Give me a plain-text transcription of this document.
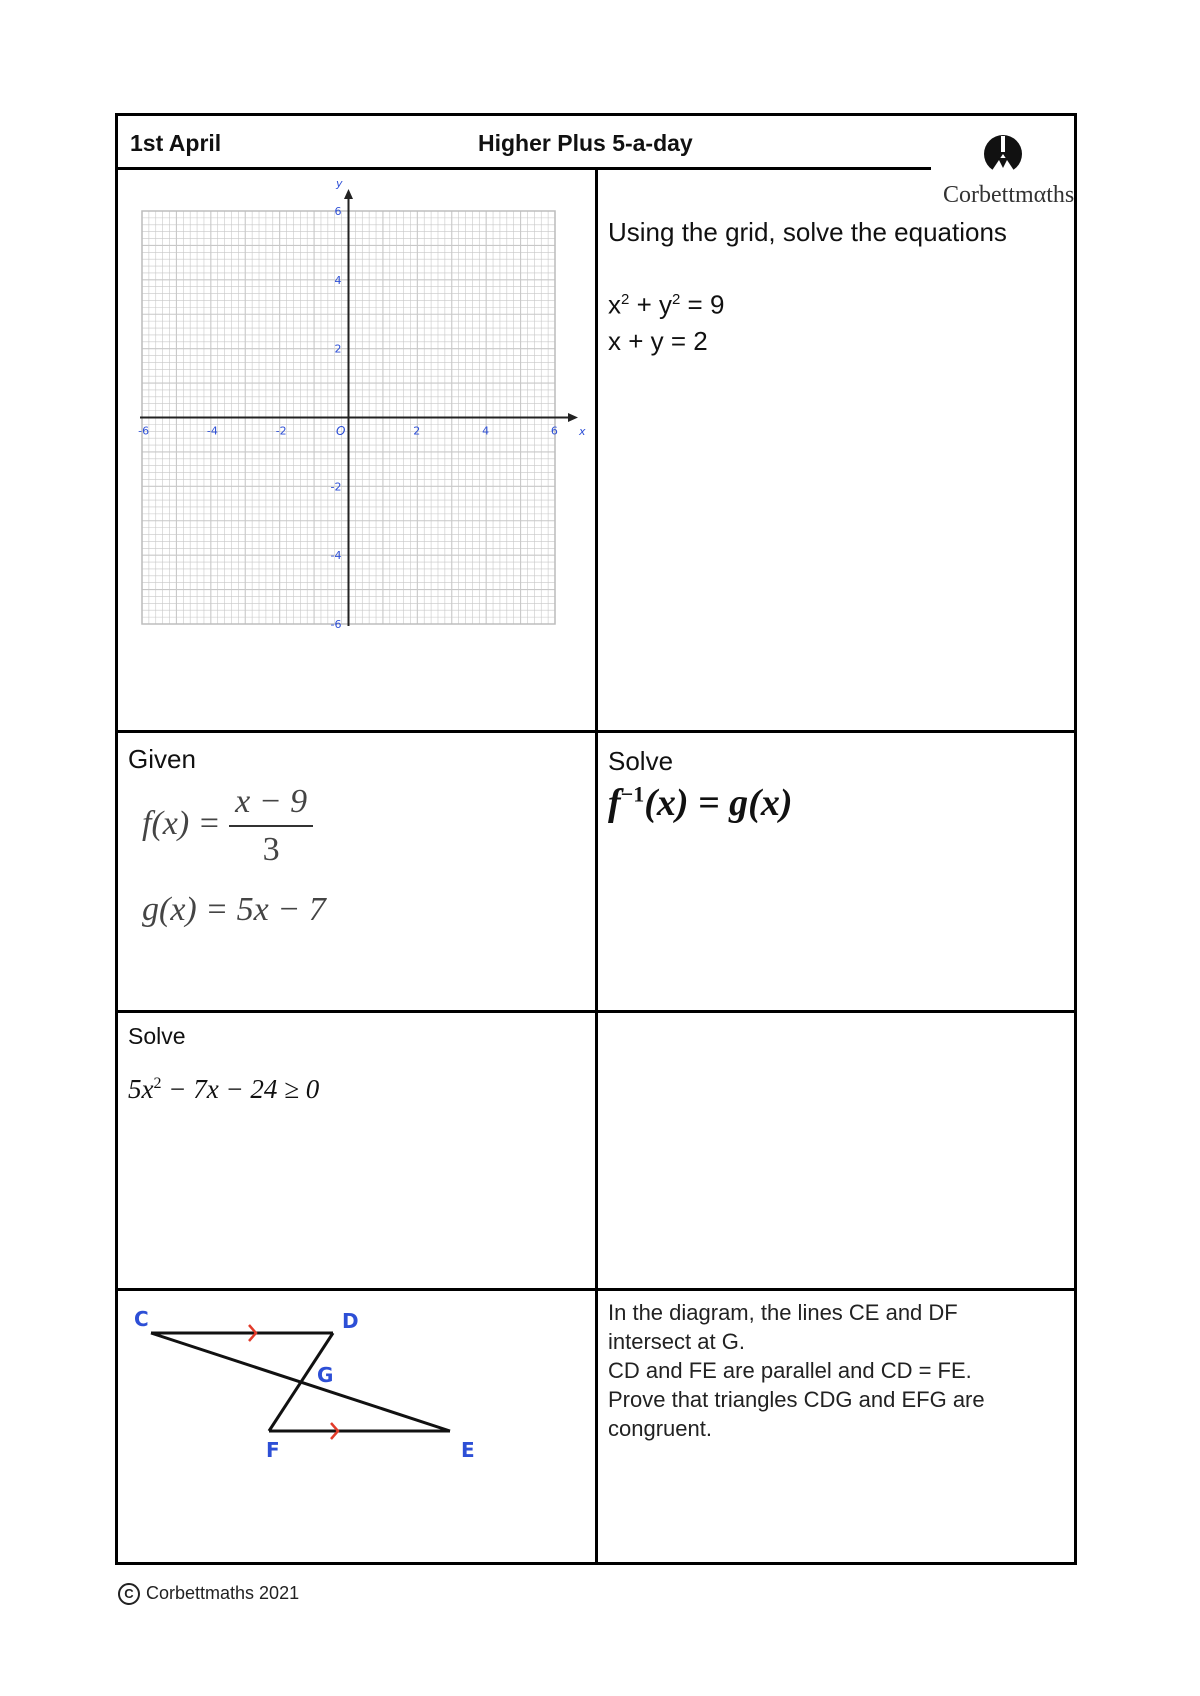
1st April	Higher Plus 5-a-day
Corbettmαths
x
y
O
-6	-4	-2	2	4	6
6
4
2
-2
-4
-6
Using the grid, solve the equations
$x^2 + y^2 = 9$
x + y = 2
Given
$f(x) = \frac{x - 9}{3}$
g(x) = 5x − 7
Solve
$f^{-1}(x) = g(x)$
Solve
$5x^2 - 7x - 24 \ge 0$
C	D
G
F	E
In the diagram, the lines CE and DF
intersect at G.
CD and FE are parallel and CD = FE.
Prove that triangles CDG and EFG are
congruent.
C Corbettmaths 2021
